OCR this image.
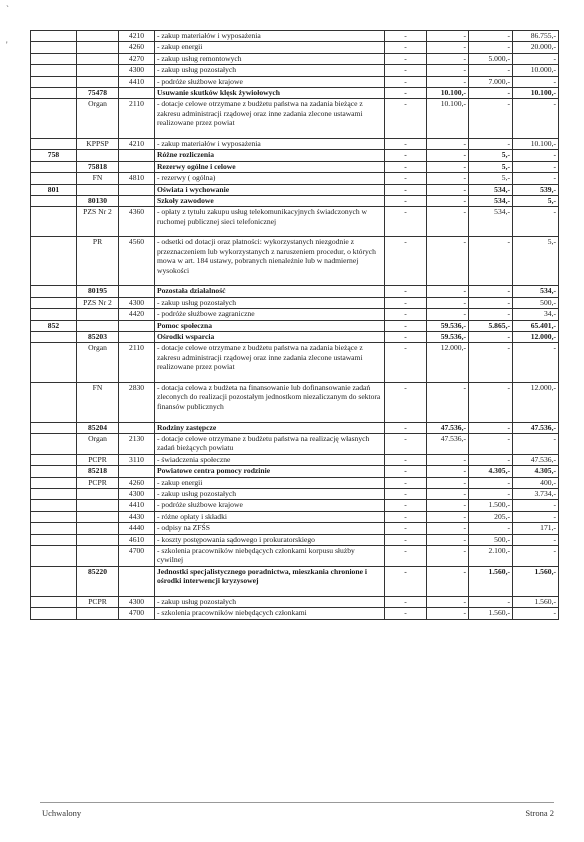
`
'
		4210	- zakup materiałów i wyposażenia	-	-	-	86.755,-
		4260	- zakup energii	-	-	-	20.000,-
		4270	- zakup usług remontowych	-	-	5.000,-	-
		4300	- zakup usług pozostałych	-	-	-	10.000,-
		4410	- podróże służbowe krajowe	-	-	7.000,-	-
	75478		Usuwanie skutków klęsk żywiołowych	-	10.100,-	-	10.100,-
	Organ	2110	- dotacje celowe otrzymane z budżetu państwa na zadania bieżące z zakresu administracji rządowej oraz inne zadania zlecone ustawami realizowane przez powiat	-	10.100,-	-	-
	KPPSP	4210	- zakup materiałów i wyposażenia	-	-	-	10.100,-
758			Różne rozliczenia	-	-	5,-	-
	75818		Rezerwy ogólne i celowe	-	-	5,-	-
	FN	4810	- rezerwy ( ogólna)	-	-	5,-	-
801			Oświata i wychowanie	-	-	534,-	539,-
	80130		Szkoły zawodowe	-	-	534,-	5,-
	PZS Nr 2	4360	- opłaty z tytułu zakupu usług telekomunikacyjnych świadczonych w ruchomej publicznej sieci telefonicznej	-	-	534,-	-
	PR	4560	- odsetki od dotacji oraz płatności: wykorzystanych niezgodnie z przeznaczeniem lub wykorzystanych z naruszeniem procedur, o których mowa w art. 184 ustawy, pobranych nienależnie lub w nadmiernej wysokości	-	-	-	5,-
	80195		Pozostała działalność	-	-	-	534,-
	PZS Nr 2	4300	- zakup usług pozostałych	-	-	-	500,-
		4420	- podróże służbowe zagraniczne	-	-	-	34,-
852			Pomoc społeczna	-	59.536,-	5.865,-	65.401,-
	85203		Ośrodki wsparcia	-	59.536,-	-	12.000,-
	Organ	2110	- dotacje celowe otrzymane z budżetu państwa na zadania bieżące z zakresu administracji rządowej oraz inne zadania zlecone ustawami realizowane przez powiat	-	12.000,-	-	-
	FN	2830	- dotacja celowa z budżeta na finansowanie lub dofinansowanie zadań zleconych do realizacji pozostałym jednostkom niezaliczanym do sektora finansów publicznych	-	-	-	12.000,-
	85204		Rodziny zastępcze	-	47.536,-	-	47.536,-
	Organ	2130	- dotacje celowe otrzymane z budżetu państwa na realizację własnych zadań bieżących powiatu	-	47.536,-	-	-
	PCPR	3110	- świadczenia społeczne	-	-	-	47.536,-
	85218		Powiatowe centra pomocy rodzinie	-	-	4.305,-	4.305,-
	PCPR	4260	- zakup energii	-	-	-	400,-
		4300	- zakup usług pozostałych	-	-	-	3.734,-
		4410	- podróże służbowe krajowe	-	-	1.500,-	-
		4430	- różne opłaty i składki	-	-	205,-	-
		4440	- odpisy na ZFŚS	-	-	-	171,-
		4610	- koszty postępowania sądowego i prokuratorskiego	-	-	500,-	-
		4700	- szkolenia pracowników niebędących członkami korpusu służby cywilnej	-	-	2.100,-	-
	85220		Jednostki specjalistycznego poradnictwa, mieszkania chronione i ośrodki interwencji kryzysowej	-	-	1.560,-	1.560,-
	PCPR	4300	- zakup usług pozostałych	-	-	-	1.560,-
		4700	- szkolenia pracowników niebędących członkami	-	-	1.560,-	-
Uchwalony	Strona 2
